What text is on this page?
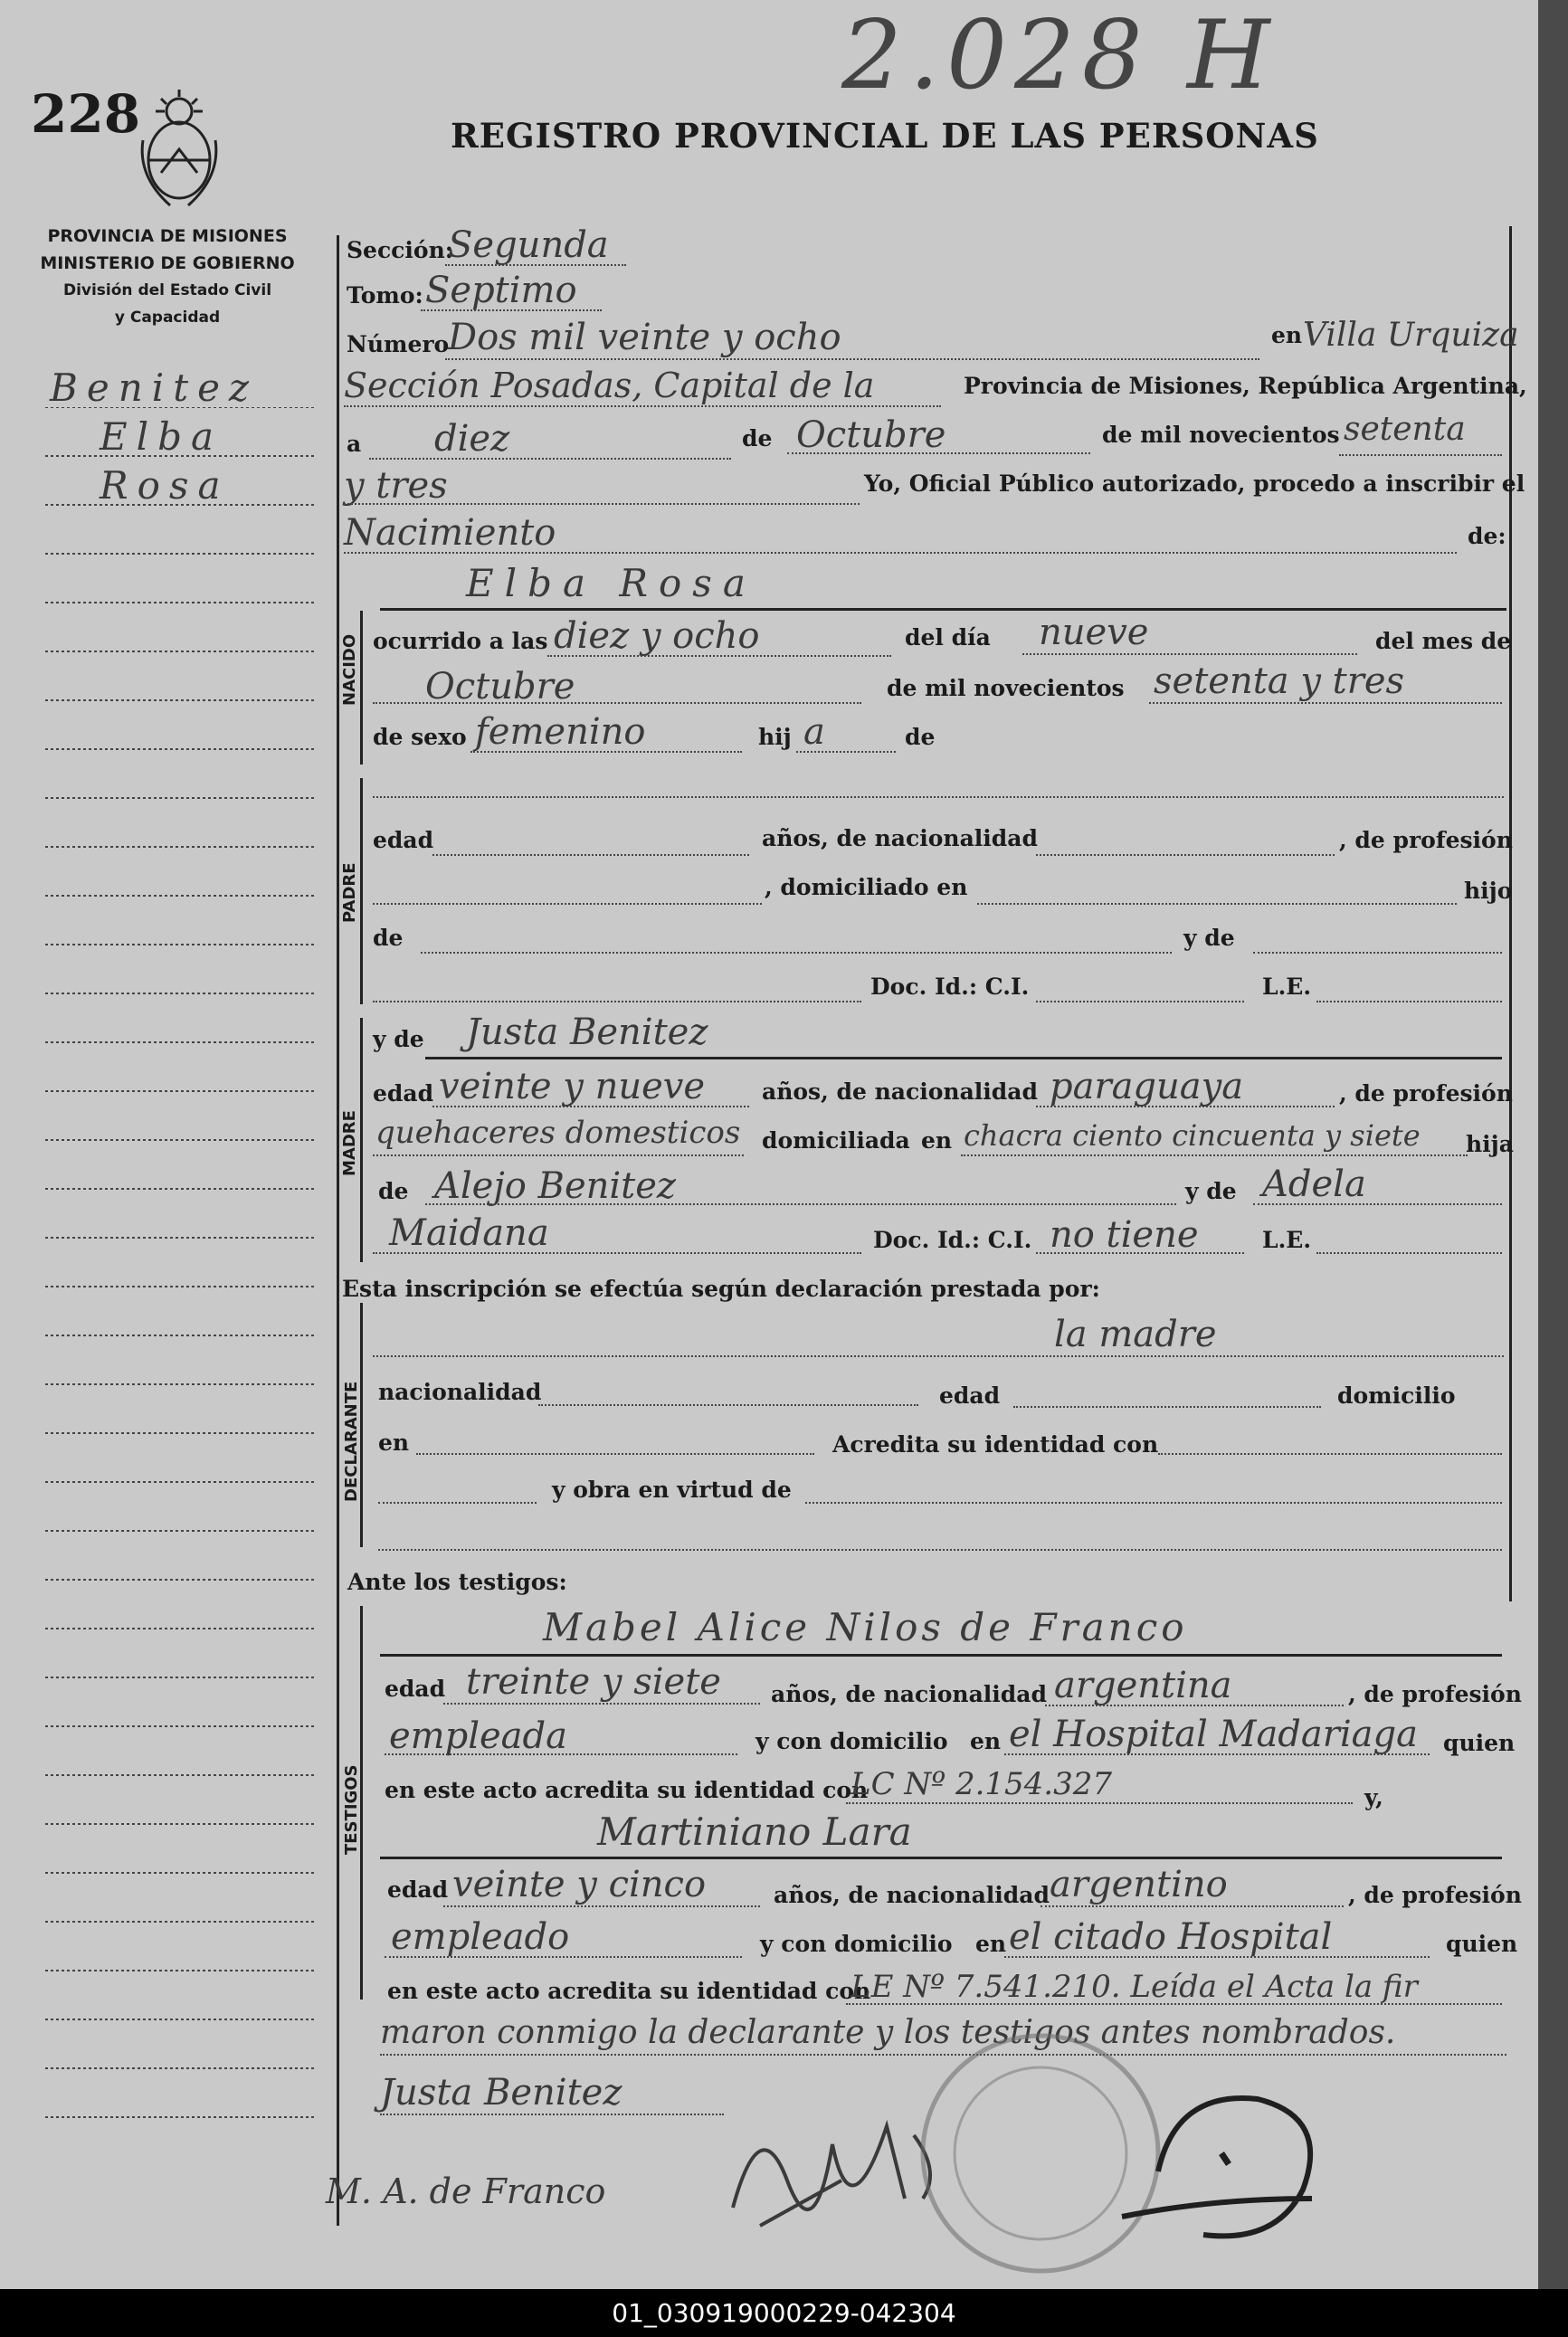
228
2.028 H
REGISTRO PROVINCIAL DE LAS PERSONAS
PROVINCIA DE MISIONES
MINISTERIO DE GOBIERNO
División del Estado Civil
y Capacidad
Benitez
Elba
Rosa
Sección:
Segunda
Tomo: Septimo
Número
Dos mil veinte y ocho	en Villa Urquiza
Sección Posadas, Capital de la	Provincia de Misiones, República Argentina,
a diez	de Octubre	de mil novecientos setenta
y tres	Yo, Oficial Público autorizado, procedo a inscribir el
Nacimiento	de:
NACIDO
Elba Rosa
ocurrido a las diez y ocho	del día nueve	del mes de
Octubre	de mil novecientos setenta y tres
de sexo femenino	hij a	de
PADRE
edad	años, de nacionalidad	, de profesión
, domiciliado en	hijo
de	y de
Doc. Id.: C.I.	L.E.
MADRE
y de Justa Benitez
edad veinte y nueve	años, de nacionalidad paraguaya	, de profesión
quehaceres domesticos domiciliada en chacra ciento cincuenta y siete hija
de Alejo Benitez	y de Adela
Maidana	Doc. Id.: C.I. no tiene	L.E.
Esta inscripción se efectúa según declaración prestada por:
DECLARANTE
la madre
nacionalidad	edad	domicilio
en	Acredita su identidad con
y obra en virtud de
Ante los testigos:
TESTIGOS
Mabel Alice Nilos de Franco
edad treinte y siete años, de nacionalidad argentina	, de profesión
empleada	y con domicilio en el Hospital Madariaga quien
en este acto acredita su identidad con
LC Nº 2.154.327	y,
Martiniano Lara
edad veinte y cinco	años, de nacionalidad argentino	, de profesión
empleado	y con domicilio en el citado Hospital	quien
en este acto acredita su identidad con
LE Nº 7.541.210. Leída el Acta la fir
maron conmigo la declarante y los testigos antes nombrados.
Justa Benitez
M. A. de Franco
01_030919000229-042304
